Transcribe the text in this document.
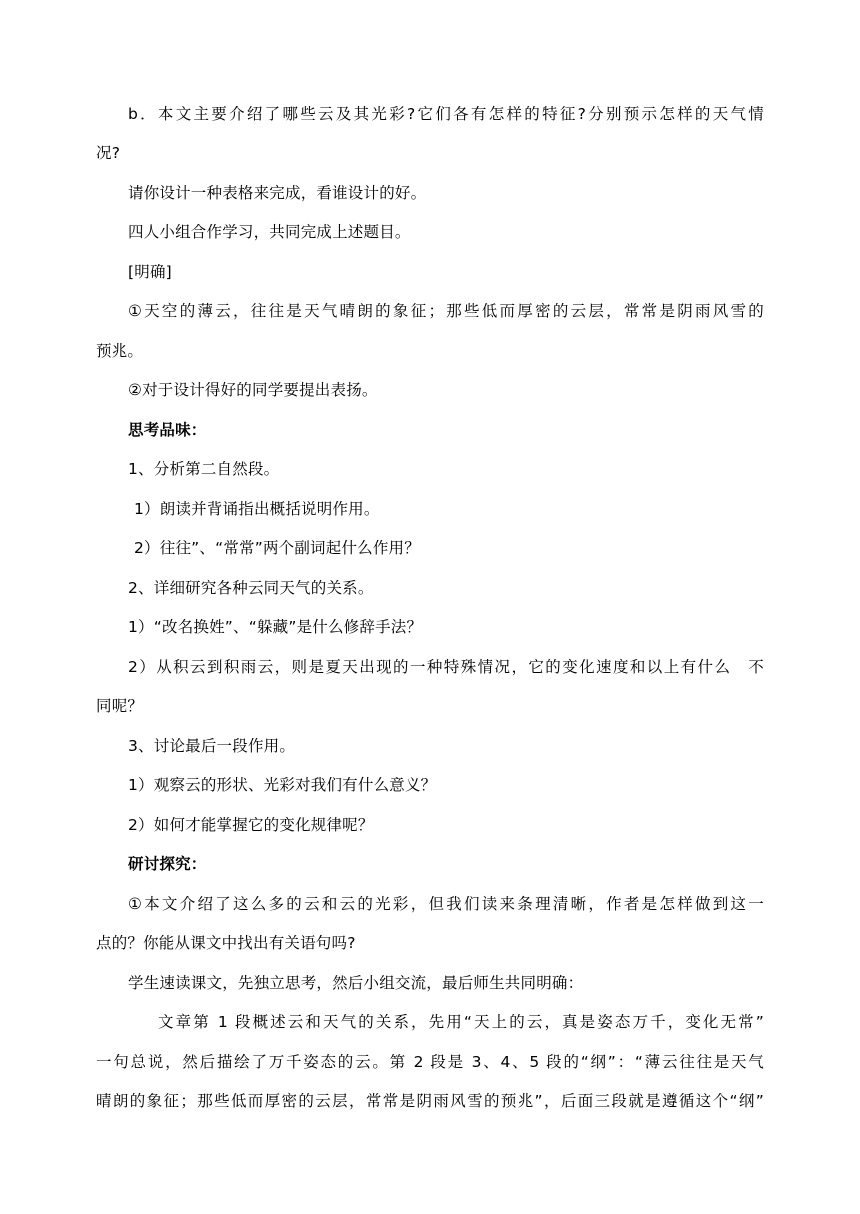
b．本文主要介绍了哪些云及其光彩?它们各有怎样的特征?分别预示怎样的天气情
况?
请你设计一种表格来完成，看谁设计的好。
四人小组合作学习，共同完成上述题目。
[明确]
①天空的薄云，往往是天气晴朗的象征；那些低而厚密的云层，常常是阴雨风雪的
预兆。
②对于设计得好的同学要提出表扬。
思考品味：
1、分析第二自然段。
1）朗读并背诵指出概括说明作用。
2）往往”、“常常”两个副词起什么作用？
2、详细研究各种云同天气的关系。
1）“改名换姓”、“躲藏”是什么修辞手法？
2）从积云到积雨云，则是夏天出现的一种特殊情况，它的变化速度和以上有什么　不
同呢？
3、讨论最后一段作用。
1）观察云的形状、光彩对我们有什么意义？
2）如何才能掌握它的变化规律呢？
研讨探究：
①本文介绍了这么多的云和云的光彩，但我们读来条理清晰，作者是怎样做到这一
点的？你能从课文中找出有关语句吗?
学生速读课文，先独立思考，然后小组交流，最后师生共同明确：
文章第 1 段概述云和天气的关系，先用“天上的云，真是姿态万千，变化无常”
一句总说，然后描绘了万千姿态的云。第 2 段是 3、4、5 段的“纲”：“薄云往往是天气
晴朗的象征；那些低而厚密的云层，常常是阴雨风雪的预兆”，后面三段就是遵循这个“纲”
